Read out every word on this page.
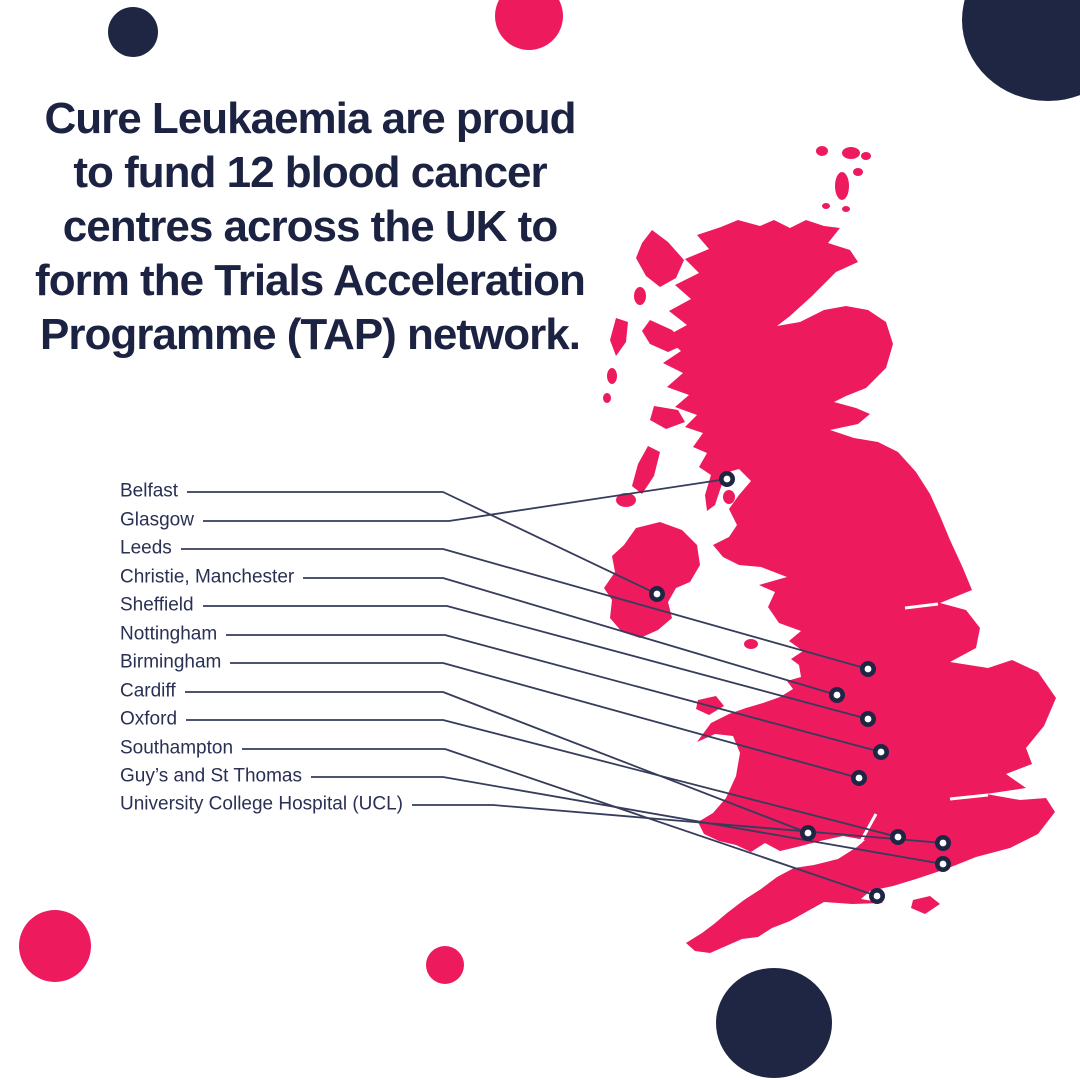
Cure Leukaemia are proud
to fund 12 blood cancer
centres across the UK to
form the Trials Acceleration
Programme (TAP) network.
Belfast
Glasgow
Leeds
Christie, Manchester
Sheffield
Nottingham
Birmingham
Cardiff
Oxford
Southampton
Guy’s and St Thomas
University College Hospital (UCL)
